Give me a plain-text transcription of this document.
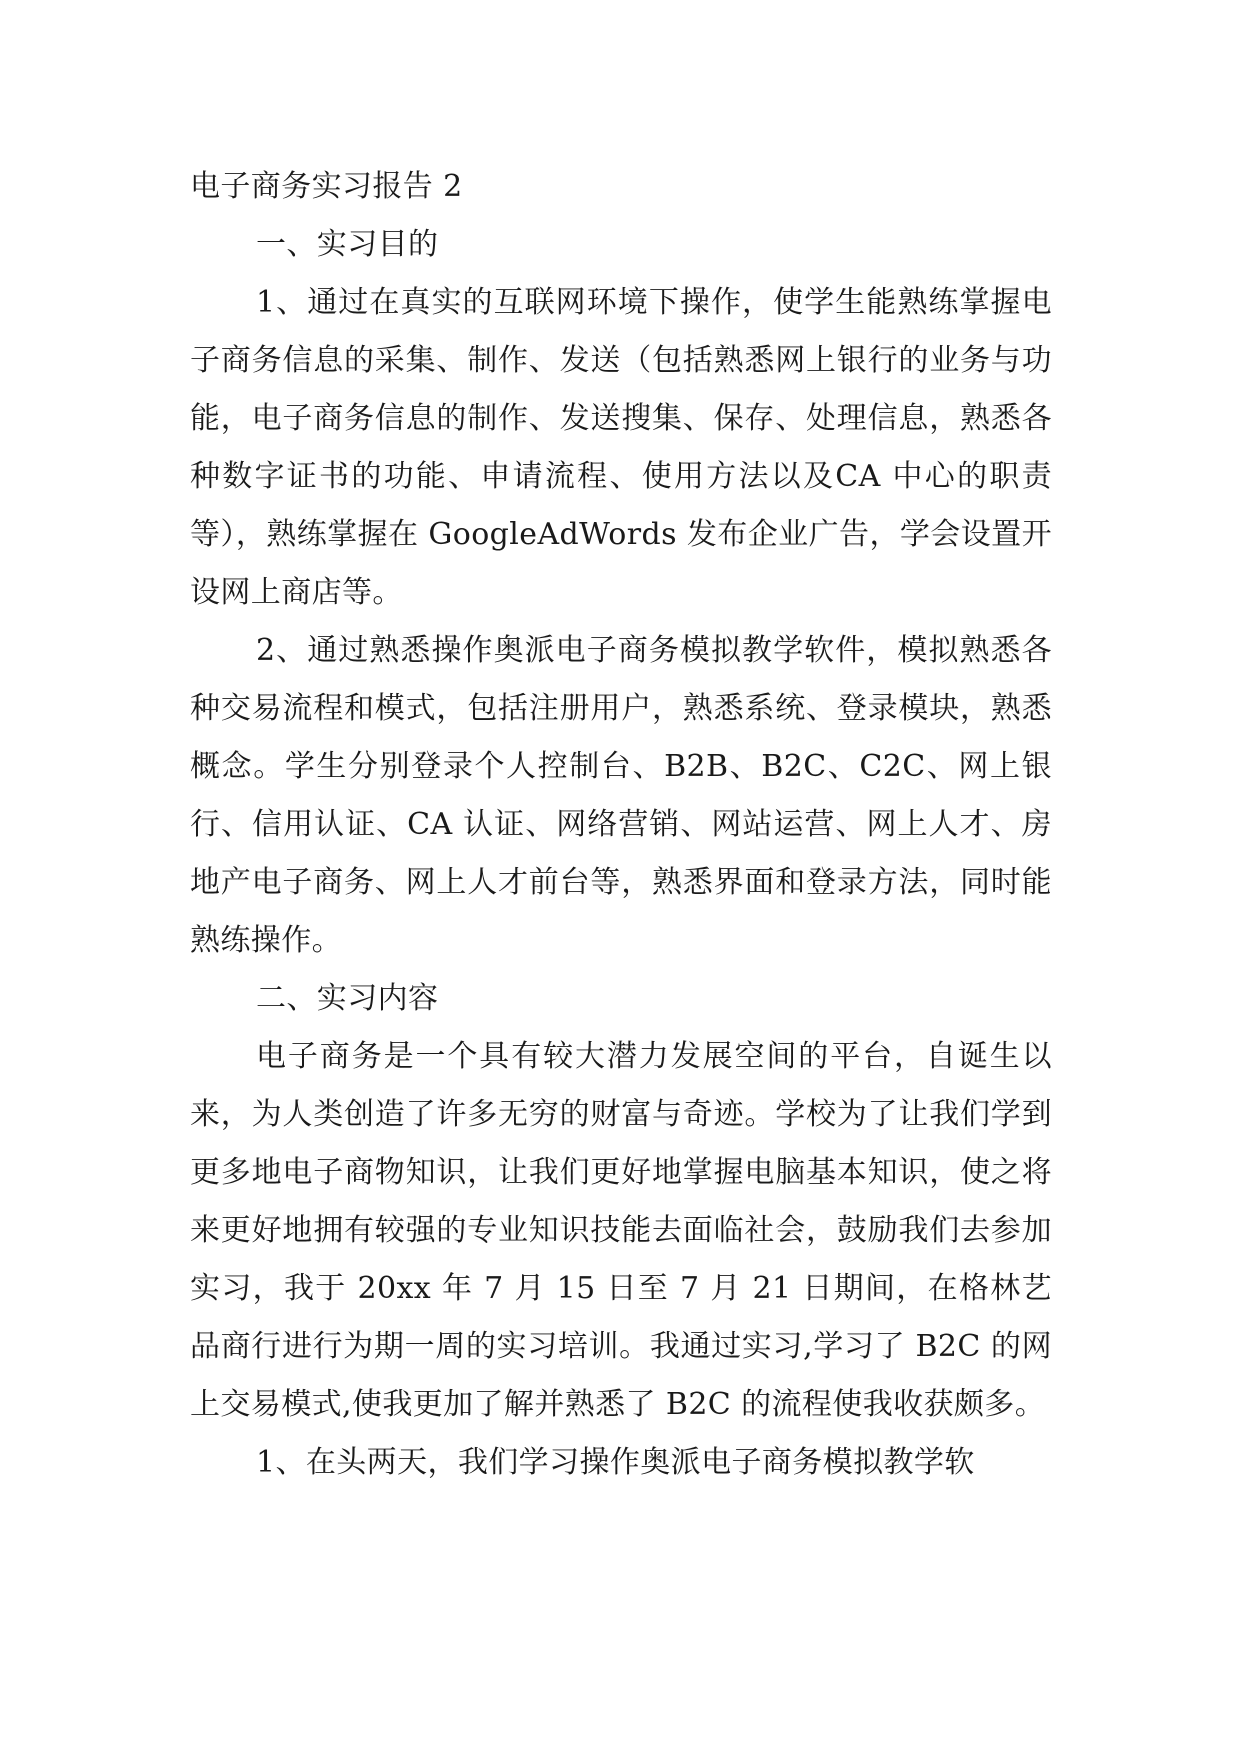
电子商务实习报告 2

一、实习目的

1、通过在真实的互联网环境下操作，使学生能熟练掌握电子商务信息的采集、制作、发送（包括熟悉网上银行的业务与功能，电子商务信息的制作、发送搜集、保存、处理信息，熟悉各种数字证书的功能、申请流程、使用方法以及CA 中心的职责等），熟练掌握在 GoogleAdWords 发布企业广告，学会设置开设网上商店等。

2、通过熟悉操作奥派电子商务模拟教学软件，模拟熟悉各种交易流程和模式，包括注册用户，熟悉系统、登录模块，熟悉概念。学生分别登录个人控制台、B2B、B2C、C2C、网上银行、信用认证、CA 认证、网络营销、网站运营、网上人才、房地产电子商务、网上人才前台等，熟悉界面和登录方法，同时能熟练操作。

二、实习内容

电子商务是一个具有较大潜力发展空间的平台，自诞生以来，为人类创造了许多无穷的财富与奇迹。学校为了让我们学到更多地电子商物知识，让我们更好地掌握电脑基本知识，使之将来更好地拥有较强的专业知识技能去面临社会，鼓励我们去参加实习，我于 20xx 年 7 月 15 日至 7 月 21 日期间，在格林艺品商行进行为期一周的实习培训。我通过实习,学习了 B2C 的网上交易模式,使我更加了解并熟悉了 B2C 的流程使我收获颇多。

1、在头两天，我们学习操作奥派电子商务模拟教学软
